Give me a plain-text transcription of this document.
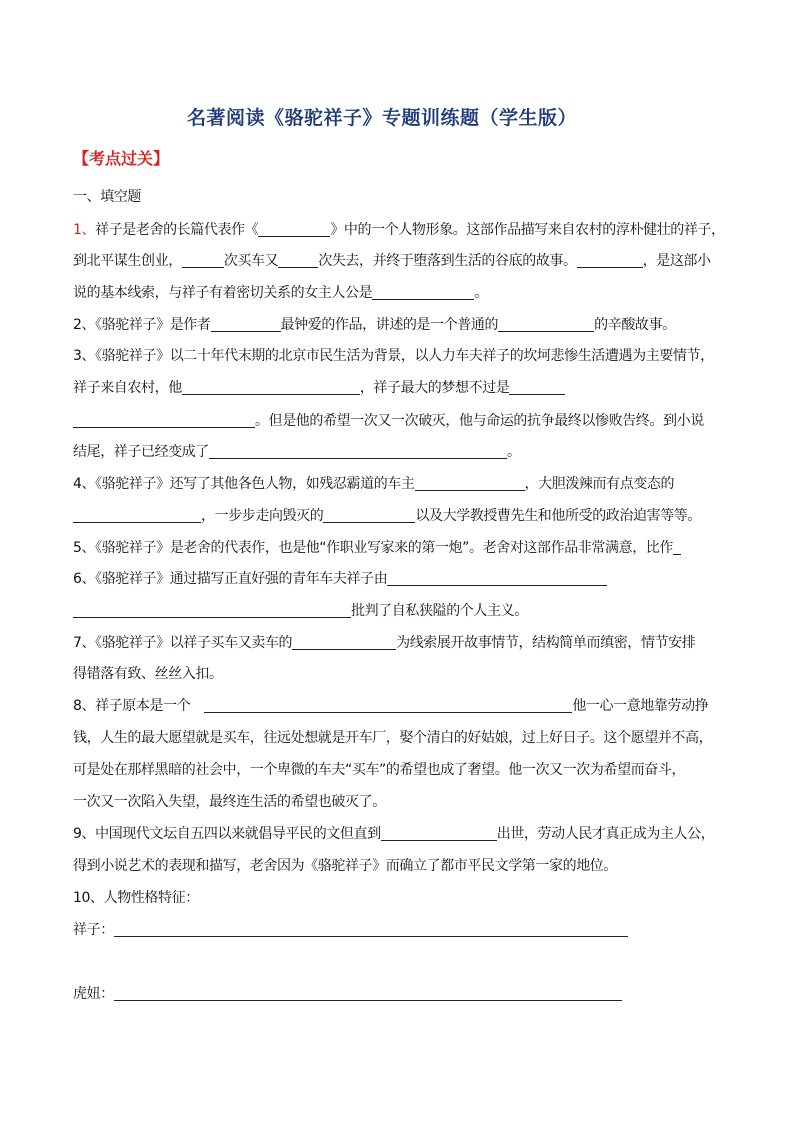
名著阅读《骆驼祥子》专题训练题（学生版）
【考点过关】
一、填空题
1、祥子是老舍的长篇代表作《	》中的一个人物形象。这部作品描写来自农村的淳朴健壮的祥子，
到北平谋生创业，	次买车又	次失去，并终于堕落到生活的谷底的故事。	，是这部小
说的基本线索，与祥子有着密切关系的女主人公是	。
2、《骆驼祥子》是作者	最钟爱的作品，讲述的是一个普通的	的辛酸故事。
3、《骆驼祥子》以二十年代末期的北京市民生活为背景，以人力车夫祥子的坎坷悲惨生活遭遇为主要情节，
祥子来自农村，他	，祥子最大的梦想不过是
。但是他的希望一次又一次破灭，他与命运的抗争最终以惨败告终。到小说
结尾，祥子已经变成了	。
4、《骆驼祥子》还写了其他各色人物，如残忍霸道的车主	，大胆泼辣而有点变态的
，一步步走向毁灭的	以及大学教授曹先生和他所受的政治迫害等等。
5、《骆驼祥子》是老舍的代表作，也是他“作职业写家来的第一炮”。老舍对这部作品非常满意，比作
6、《骆驼祥子》通过描写正直好强的青年车夫祥子由
批判了自私狭隘的个人主义。
7、《骆驼祥子》以祥子买车又卖车的	为线索展开故事情节，结构简单而缜密，情节安排
得错落有致、丝丝入扣。
8、祥子原本是一个	他一心一意地靠劳动挣
钱，人生的最大愿望就是买车，往远处想就是开车厂，娶个清白的好姑娘，过上好日子。这个愿望并不高，
可是处在那样黑暗的社会中，一个卑微的车夫“买车”的希望也成了奢望。他一次又一次为希望而奋斗，
一次又一次陷入失望，最终连生活的希望也破灭了。
9、中国现代文坛自五四以来就倡导平民的文但直到	出世，劳动人民才真正成为主人公，
得到小说艺术的表现和描写，老舍因为《骆驼祥子》而确立了都市平民文学第一家的地位。
10、人物性格特征：
祥子：
虎妞：
